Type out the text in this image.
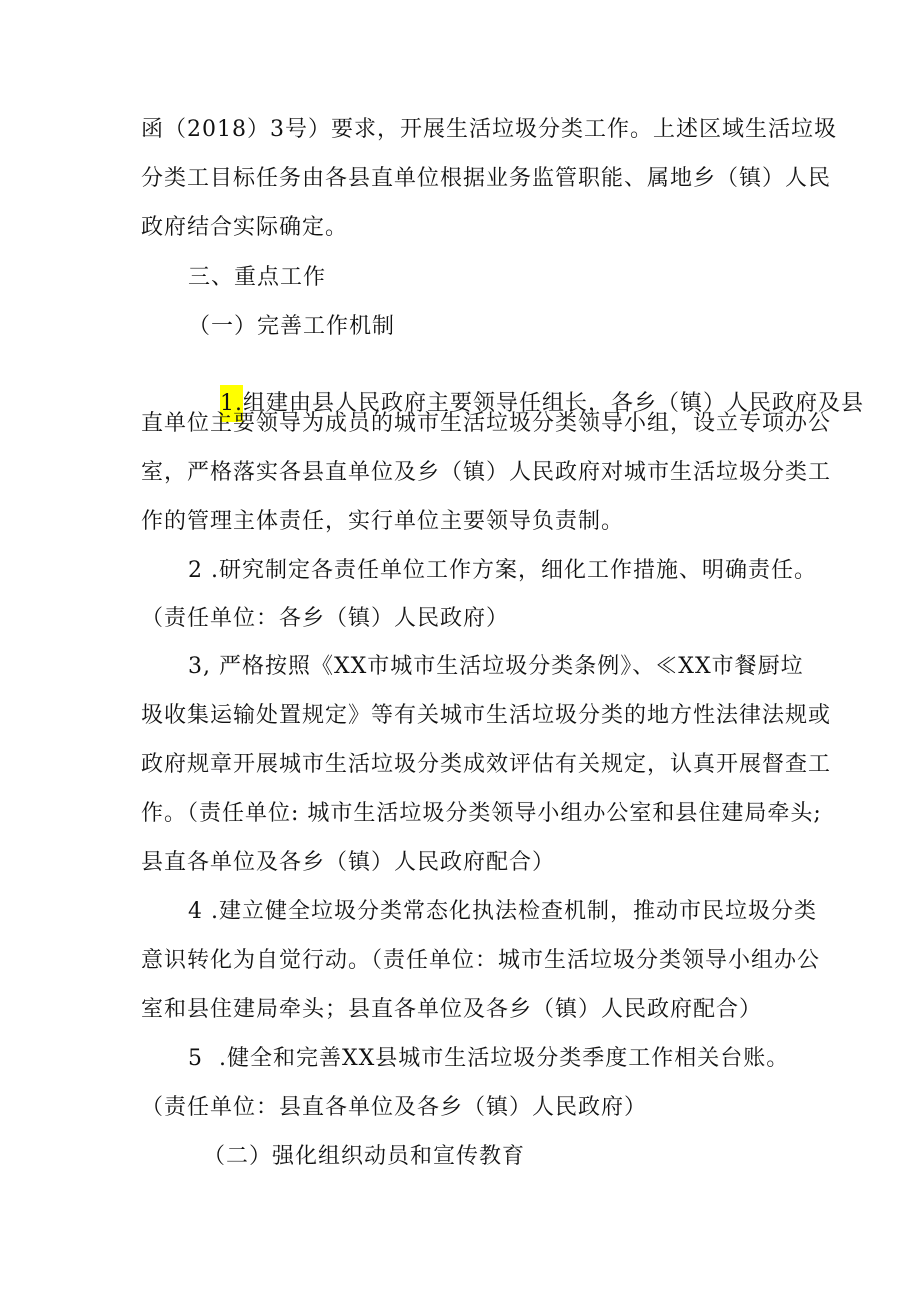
函（2018）3号）要求，开展生活垃圾分类工作。上述区域生活垃圾
分类工目标任务由各县直单位根据业务监管职能、属地乡（镇）人民
政府结合实际确定。
三、重点工作
（一）完善工作机制

1.组建由县人民政府主要领导任组长，各乡（镇）人民政府及县

直单位主要领导为成员的城市生活垃圾分类领导小组，设立专项办公
室，严格落实各县直单位及乡（镇）人民政府对城市生活垃圾分类工
作的管理主体责任，实行单位主要领导负责制。
2 .研究制定各责任单位工作方案，细化工作措施、明确责任。
（责任单位：各乡（镇）人民政府）
3, 严格按照《XX市城市生活垃圾分类条例》、≪XX市餐厨垃
圾收集运输处置规定》等有关城市生活垃圾分类的地方性法律法规或
政府规章开展城市生活垃圾分类成效评估有关规定，认真开展督查工
作。（责任单位: 城市生活垃圾分类领导小组办公室和县住建局牵头;
县直各单位及各乡（镇）人民政府配合）
4 .建立健全垃圾分类常态化执法检查机制，推动市民垃圾分类
意识转化为自觉行动。（责任单位：城市生活垃圾分类领导小组办公
室和县住建局牵头；县直各单位及各乡（镇）人民政府配合）
5  .健全和完善XX县城市生活垃圾分类季度工作相关台账。
（责任单位：县直各单位及各乡（镇）人民政府）
（二）强化组织动员和宣传教育
